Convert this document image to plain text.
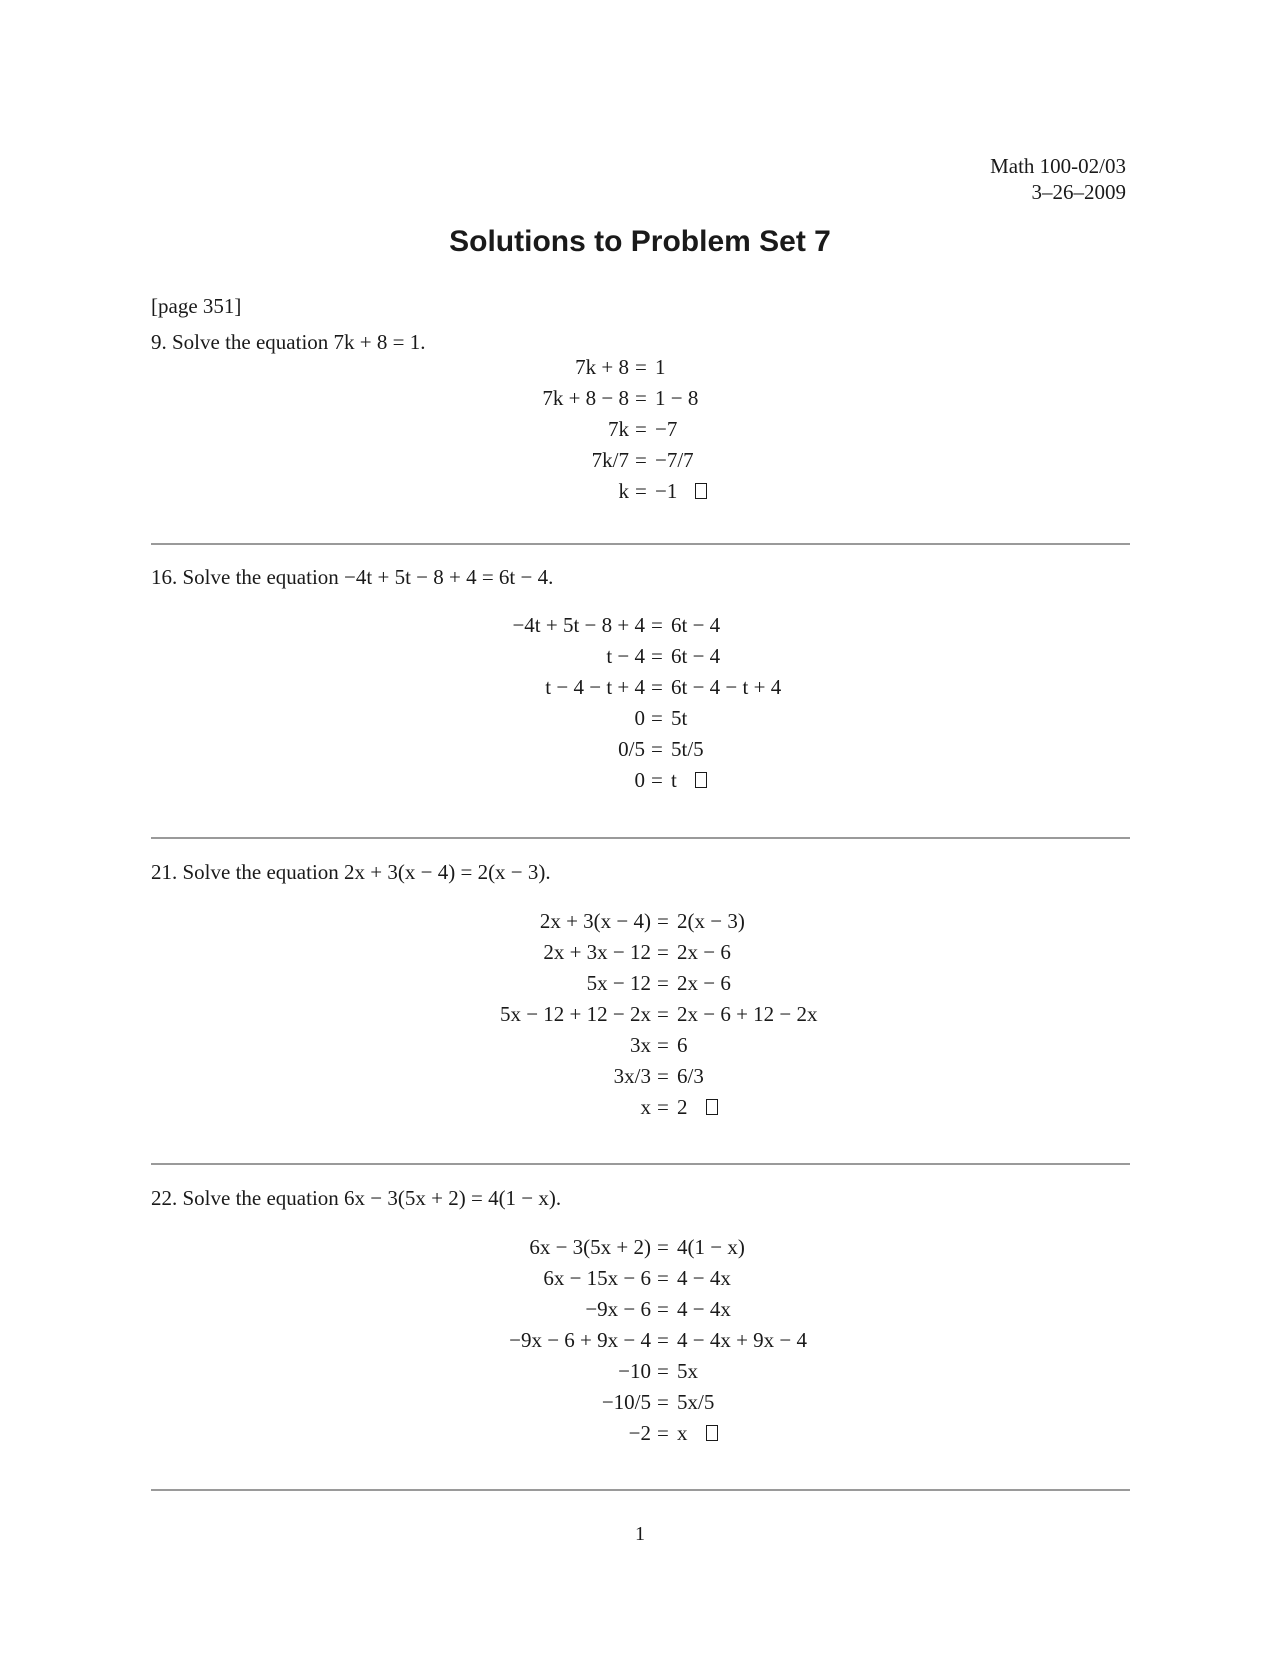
Math 100-02/03
3–26–2009
Solutions to Problem Set 7
[page 351]
9. Solve the equation 7k + 8 = 1.
7k + 8 = 1
7k + 8 − 8 = 1 − 8
7k = −7
7k/7 = −7/7
k = −1
16. Solve the equation −4t + 5t − 8 + 4 = 6t − 4.
−4t + 5t − 8 + 4 = 6t − 4
t − 4 = 6t − 4
t − 4 − t + 4 = 6t − 4 − t + 4
0 = 5t
0/5 = 5t/5
0 = t
21. Solve the equation 2x + 3(x − 4) = 2(x − 3).
2x + 3(x − 4) = 2(x − 3)
2x + 3x − 12 = 2x − 6
5x − 12 = 2x − 6
5x − 12 + 12 − 2x = 2x − 6 + 12 − 2x
3x = 6
3x/3 = 6/3
x = 2
22. Solve the equation 6x − 3(5x + 2) = 4(1 − x).
6x − 3(5x + 2) = 4(1 − x)
6x − 15x − 6 = 4 − 4x
−9x − 6 = 4 − 4x
−9x − 6 + 9x − 4 = 4 − 4x + 9x − 4
−10 = 5x
−10/5 = 5x/5
−2 = x
1
